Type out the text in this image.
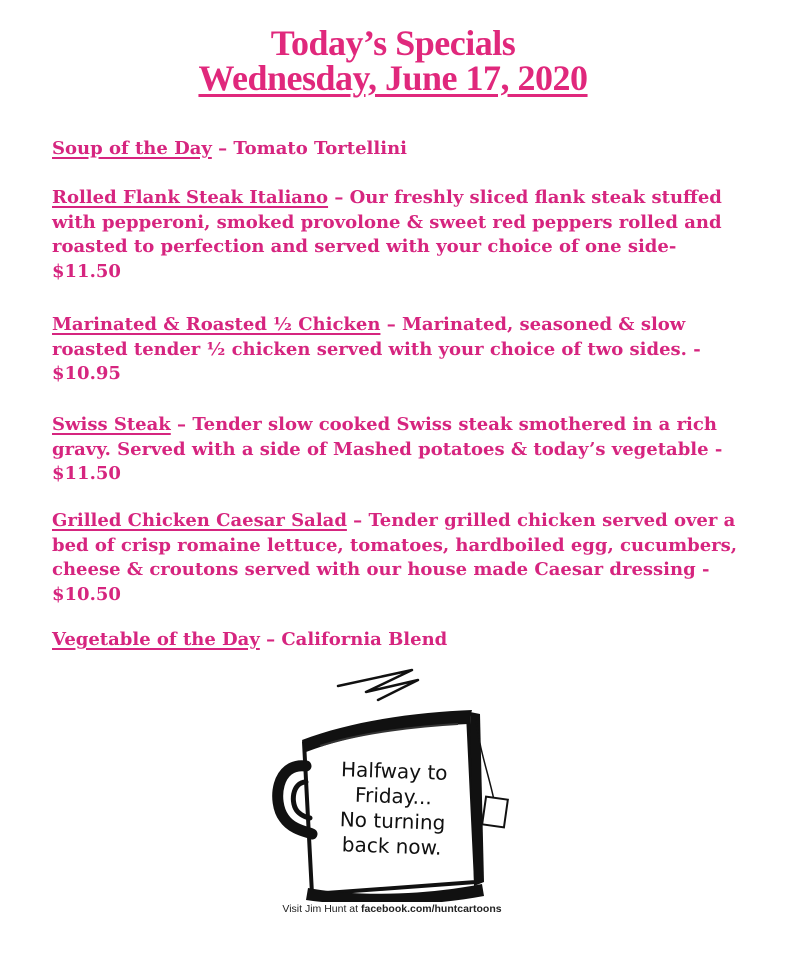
Today’s Specials
Wednesday, June 17, 2020

Soup of the Day – Tomato Tortellini

Rolled Flank Steak Italiano – Our freshly sliced flank steak stuffed with pepperoni, smoked provolone & sweet red peppers rolled and roasted to perfection and served with your choice of one side- $11.50

Marinated & Roasted ½ Chicken – Marinated, seasoned & slow roasted tender ½ chicken served with your choice of two sides. - $10.95

Swiss Steak – Tender slow cooked Swiss steak smothered in a rich gravy. Served with a side of Mashed potatoes & today’s vegetable - $11.50

Grilled Chicken Caesar Salad – Tender grilled chicken served over a bed of crisp romaine lettuce, tomatoes, hardboiled egg, cucumbers, cheese & croutons served with our house made Caesar dressing - $10.50

Vegetable of the Day – California Blend

Halfway to
Friday...
No turning
back now.
Visit Jim Hunt at facebook.com/huntcartoons
